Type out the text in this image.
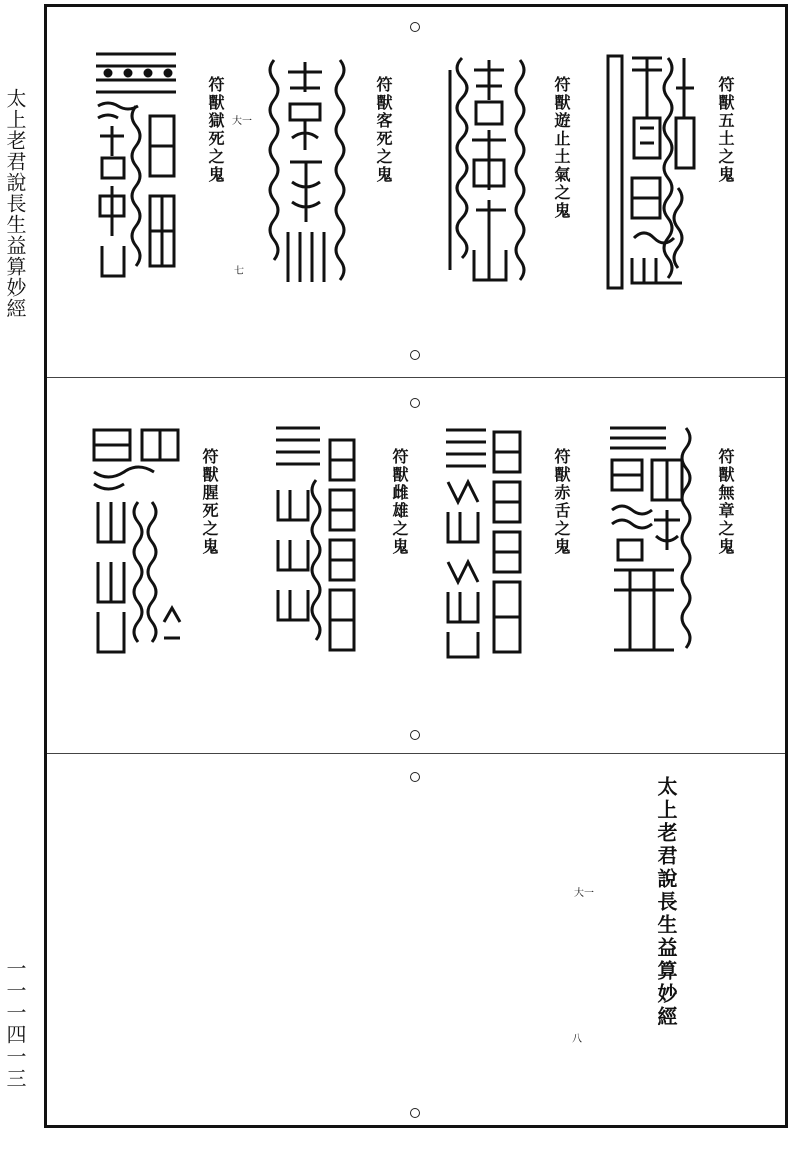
太上老君說長生益算妙經
一一一四一三
符獸五土之鬼
符獸遊止土氣之鬼
符獸客死之鬼
符獸獄死之鬼 大一
七
符獸無章之鬼
符獸赤舌之鬼
符獸雌雄之鬼
符獸腥死之鬼
太上老君說長生益算妙經
大一
八
